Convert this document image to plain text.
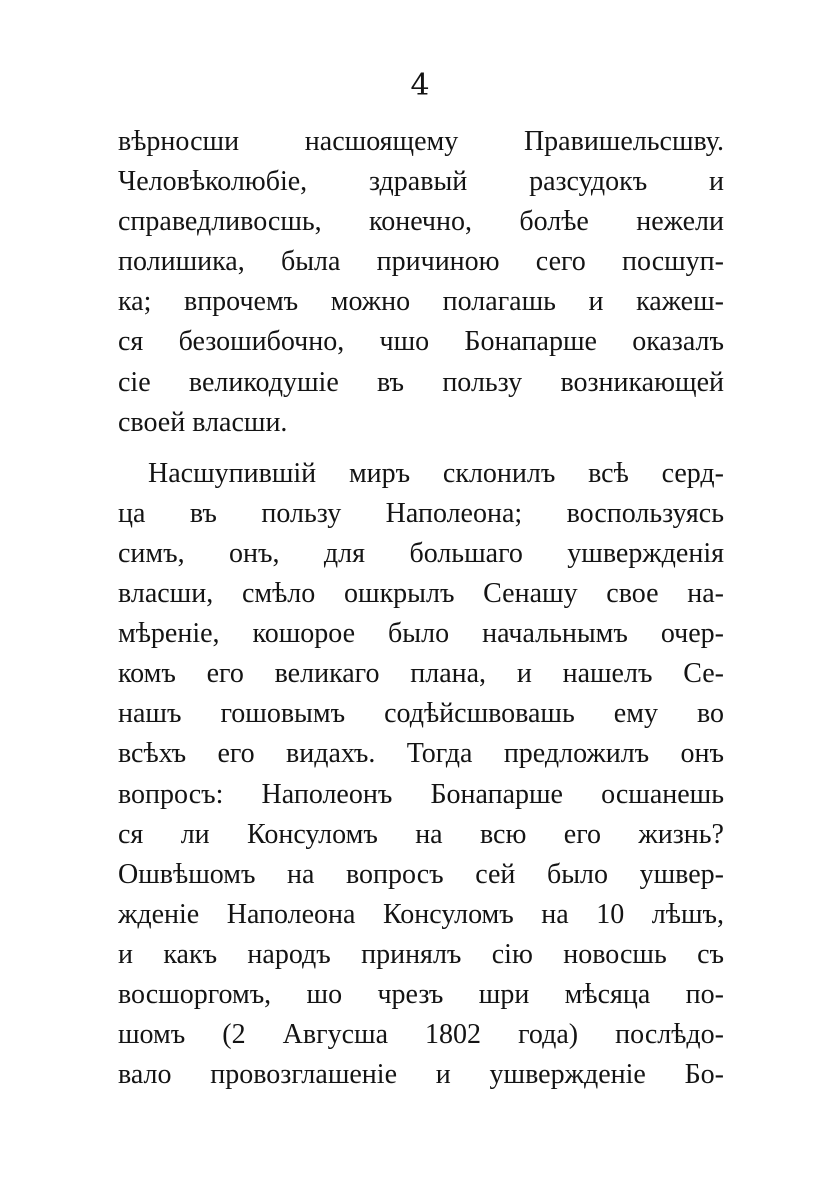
4
вѣрносши насшоящему Правишельсшву.
Человѣколюбіе, здравый разсудокъ и
справедливосшь, конечно, болѣе нежели
полишика, была причиною сего посшуп-
ка; впрочемъ можно полагашь и кажеш-
ся безошибочно, чшо Бонапарше оказалъ
сіе великодушіе въ пользу возникающей
своей власши.
Насшупившій миръ склонилъ всѣ серд-
ца въ пользу Наполеона; воспользуясь
симъ, онъ, для большаго ушвержденія
власши, смѣло ошкрылъ Сенашу свое на-
мѣреніе, кошорое было начальнымъ очер-
комъ его великаго плана, и нашелъ Се-
нашъ гошовымъ содѣйсшвовашь ему во
всѣхъ его видахъ. Тогда предложилъ онъ
вопросъ: Наполеонъ Бонапарше осшанешь
ся ли Консуломъ на всю его жизнь?
Ошвѣшомъ на вопросъ сей было ушвер-
жденіе Наполеона Консуломъ на 10 лѣшъ,
и какъ народъ принялъ сію новосшь съ
восшоргомъ, шо чрезъ шри мѣсяца по-
шомъ (2 Авгусша 1802 года) послѣдо-
вало провозглашеніе и ушвержденіе Бо-
